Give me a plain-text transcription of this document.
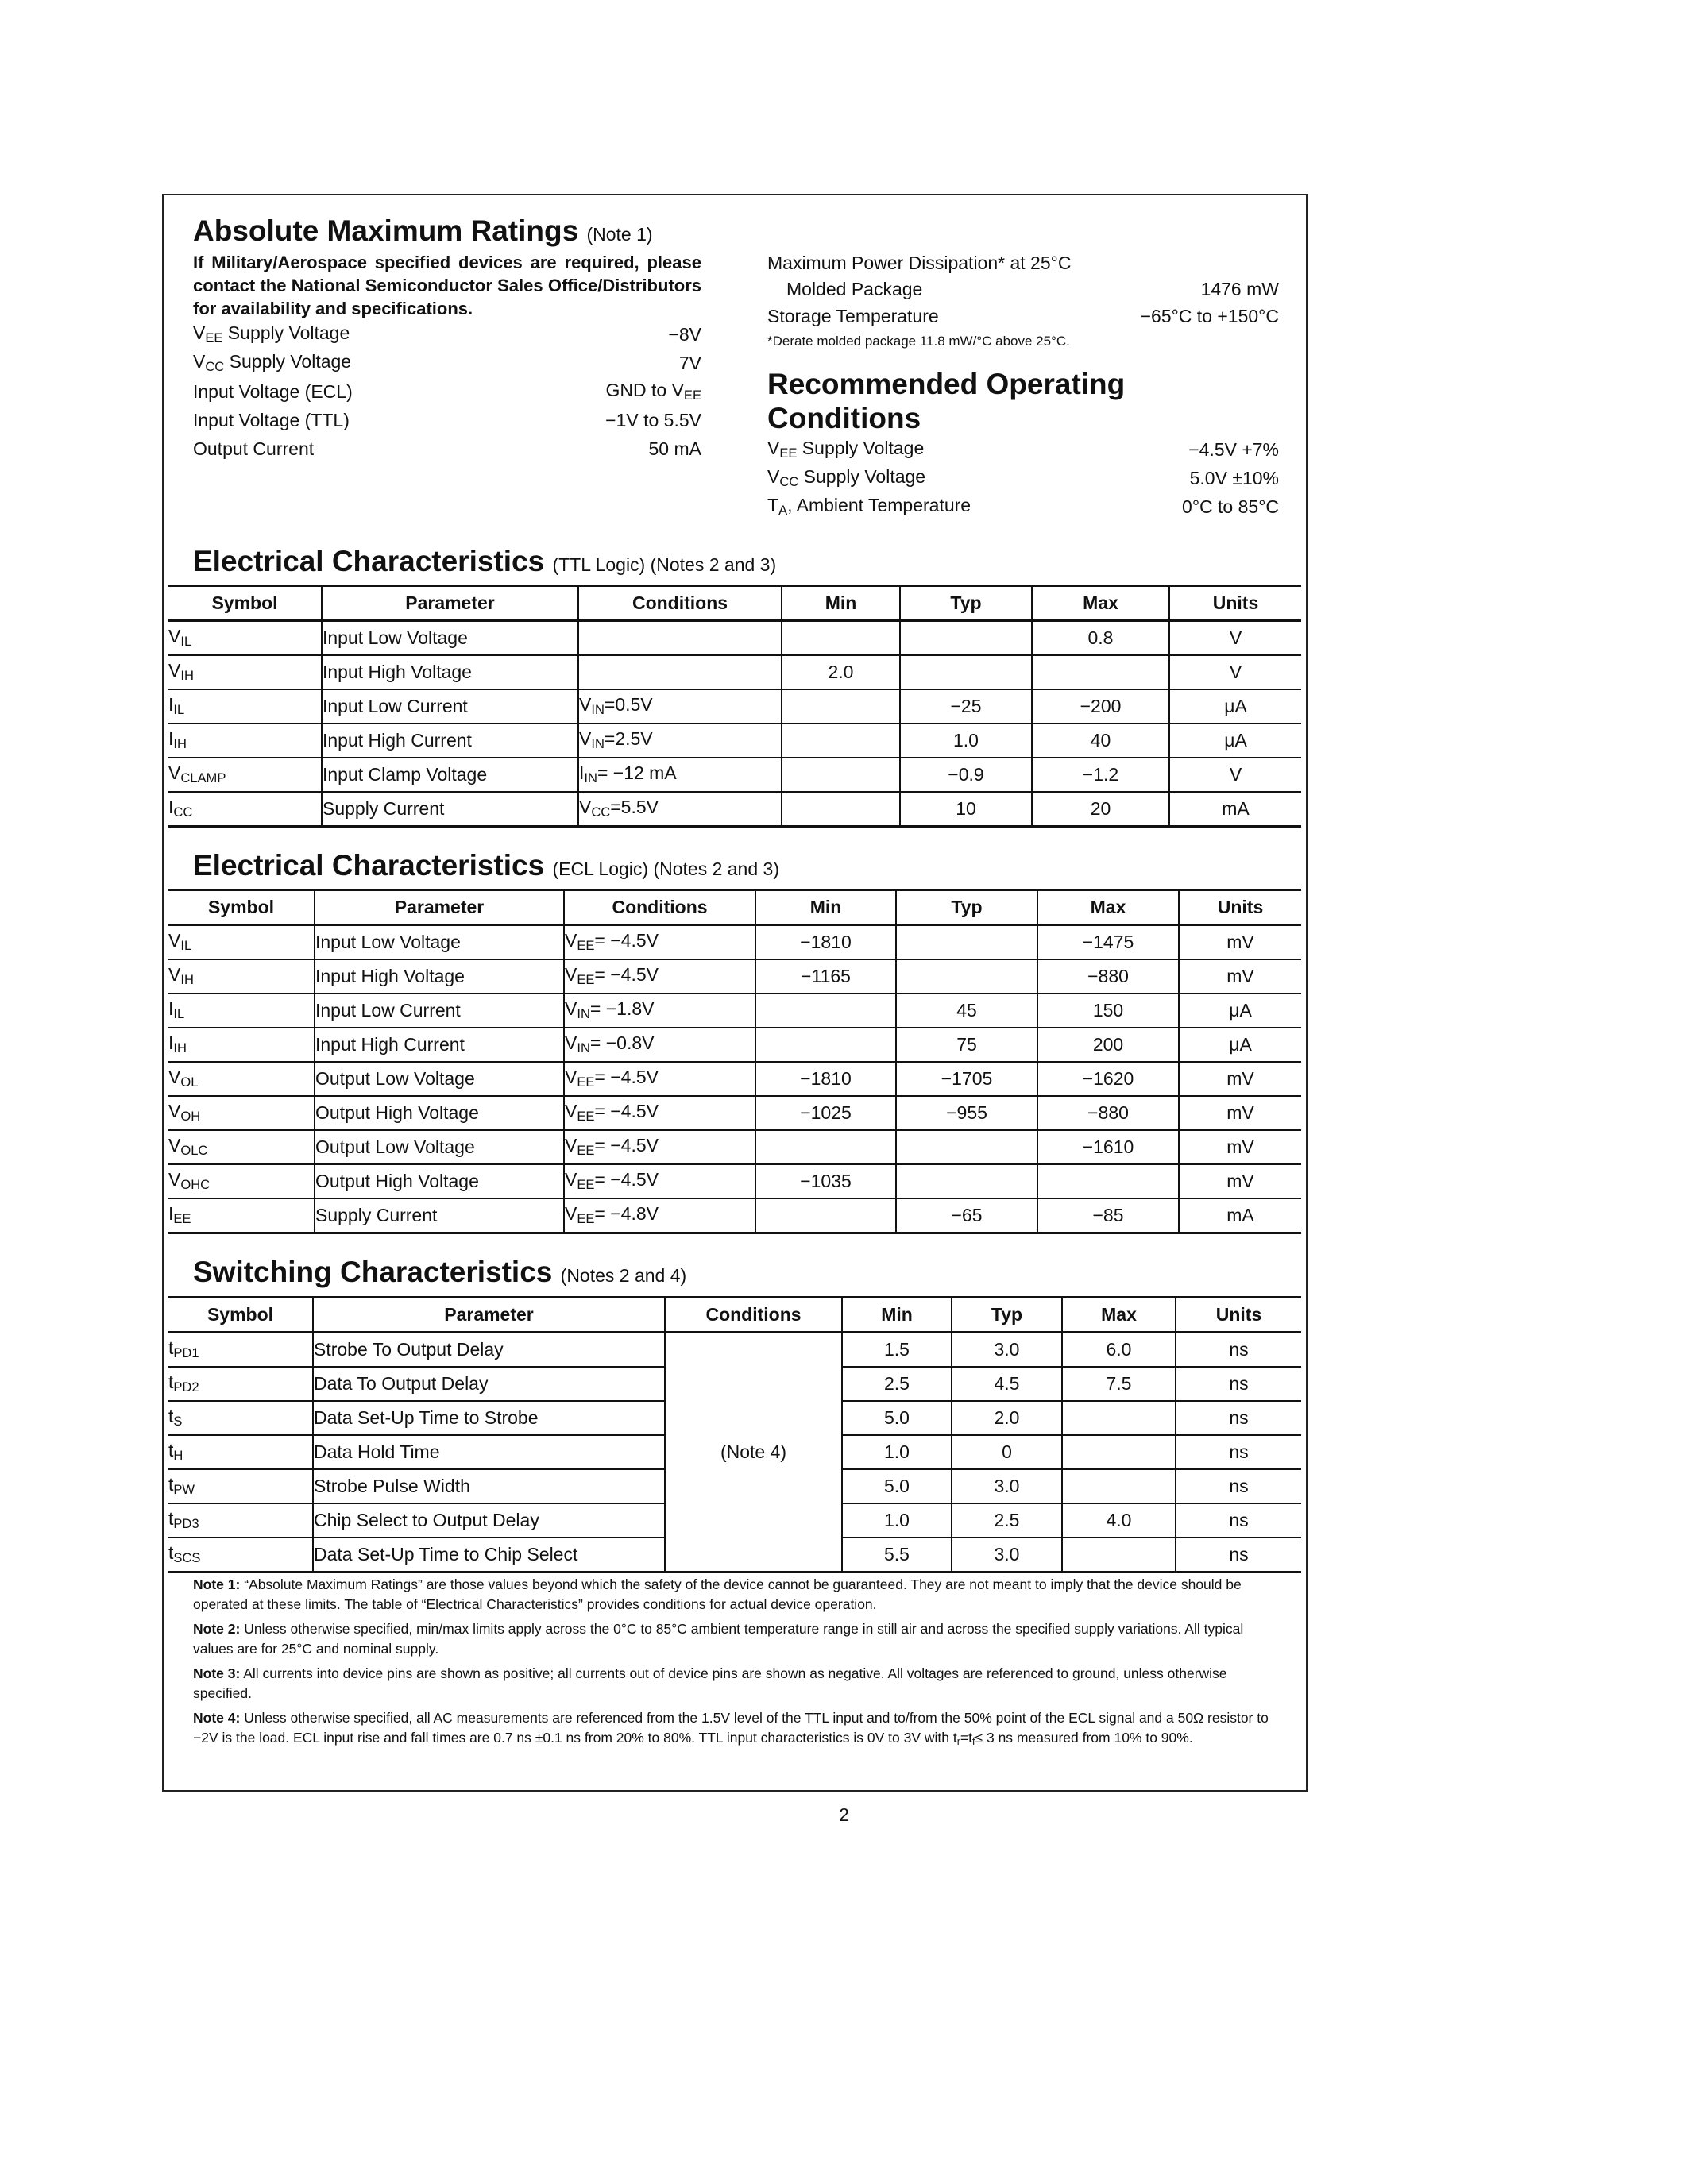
Absolute Maximum Ratings (Note 1)
If Military/Aerospace specified devices are required, please contact the National Semiconductor Sales Office/Distributors for availability and specifications.
$V_{EE}$ Supply Voltage	−8V
$V_{CC}$ Supply Voltage	7V
Input Voltage (ECL)	GND to $V_{EE}$
Input Voltage (TTL)	−1V to 5.5V
Output Current	50 mA
Maximum Power Dissipation* at 25°C
Molded Package	1476 mW
Storage Temperature	−65°C to +150°C
*Derate molded package 11.8 mW/°C above 25°C.
Recommended Operating
Conditions
$V_{EE}$ Supply Voltage	−4.5V +7%
$V_{CC}$ Supply Voltage	5.0V ±10%
$T_A$, Ambient Temperature	0°C to 85°C
Electrical Characteristics (TTL Logic) (Notes 2 and 3)
Symbol	Parameter	Conditions	Min	Typ	Max	Units
$V_{IL}$	Input Low Voltage				0.8	V
$V_{IH}$	Input High Voltage		2.0			V
$I_{IL}$	Input Low Current	$V_{IN}=0.5V$		−25	−200	μA
$I_{IH}$	Input High Current	$V_{IN}=2.5V$		1.0	40	μA
$V_{CLAMP}$	Input Clamp Voltage	$I_{IN}= -12$ mA		−0.9	−1.2	V
$I_{CC}$	Supply Current	$V_{CC}=5.5V$		10	20	mA
Electrical Characteristics (ECL Logic) (Notes 2 and 3)
Symbol	Parameter	Conditions	Min	Typ	Max	Units
$V_{IL}$	Input Low Voltage	$V_{EE}= -4.5V$	−1810		−1475	mV
$V_{IH}$	Input High Voltage	$V_{EE}= -4.5V$	−1165		−880	mV
$I_{IL}$	Input Low Current	$V_{IN}= -1.8V$		45	150	μA
$I_{IH}$	Input High Current	$V_{IN}= -0.8V$		75	200	μA
$V_{OL}$	Output Low Voltage	$V_{EE}= -4.5V$	−1810	−1705	−1620	mV
$V_{OH}$	Output High Voltage	$V_{EE}= -4.5V$	−1025	−955	−880	mV
$V_{OLC}$	Output Low Voltage	$V_{EE}= -4.5V$			−1610	mV
$V_{OHC}$	Output High Voltage	$V_{EE}= -4.5V$	−1035			mV
$I_{EE}$	Supply Current	$V_{EE}= -4.8V$		−65	−85	mA
Switching Characteristics (Notes 2 and 4)
Symbol	Parameter	Conditions	Min	Typ	Max	Units
$t_{PD1}$	Strobe To Output Delay	(Note 4)	1.5	3.0	6.0	ns
$t_{PD2}$	Data To Output Delay		2.5	4.5	7.5	ns
$t_S$	Data Set-Up Time to Strobe		5.0	2.0		ns
$t_H$	Data Hold Time		1.0	0		ns
$t_{PW}$	Strobe Pulse Width		5.0	3.0		ns
$t_{PD3}$	Chip Select to Output Delay		1.0	2.5	4.0	ns
$t_{SCS}$	Data Set-Up Time to Chip Select		5.5	3.0		ns

Note 1: “Absolute Maximum Ratings” are those values beyond which the safety of the device cannot be guaranteed. They are not meant to imply that the device should be operated at these limits. The table of “Electrical Characteristics” provides conditions for actual device operation.

Note 2: Unless otherwise specified, min/max limits apply across the 0°C to 85°C ambient temperature range in still air and across the specified supply variations. All typical values are for 25°C and nominal supply.

Note 3: All currents into device pins are shown as positive; all currents out of device pins are shown as negative. All voltages are referenced to ground, unless otherwise specified.

Note 4: Unless otherwise specified, all AC measurements are referenced from the 1.5V level of the TTL input and to/from the 50% point of the ECL signal and a 50Ω resistor to −2V is the load. ECL input rise and fall times are 0.7 ns ±0.1 ns from 20% to 80%. TTL input characteristics is 0V to 3V with $t_r=t_f\le 3$ ns measured from 10% to 90%.

2
